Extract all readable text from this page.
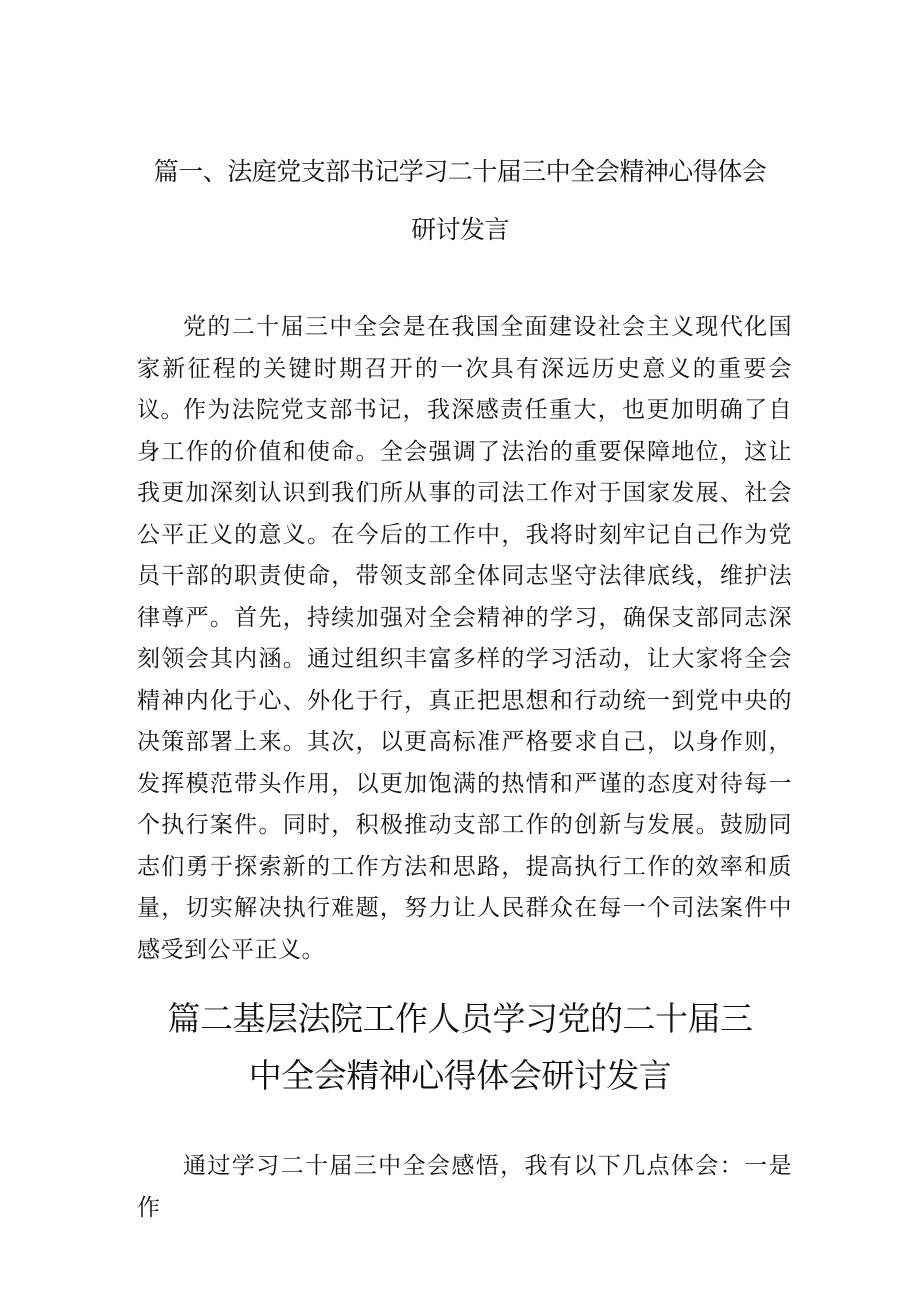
篇一、法庭党支部书记学习二十届三中全会精神心得体会
研讨发言

党的二十届三中全会是在我国全面建设社会主义现代化国家新征程的关键时期召开的一次具有深远历史意义的重要会议。 作为法院党支部书记，我深感责任重大，也更加明确了自身工作的价值和使命。全会强调了法治的重要保障地位，这让我更加深刻认识到我们所从事的司法工作对于国家发展、社会公平正义的意义。在今后的工作中，我将时刻牢记自己作为党员干部的职责使命，带领支部全体同志坚守法律底线，维护法律尊严。首先，持续加强对全会精神的学习，确保支部同志深刻领会其内涵。通过组织丰富多样的学习活动，让大家将全会精神内化于心、外化于行，真正把思想和行动统一到党中央的决策部署上来。其次，以更高标准严格要求自己，以身作则，发挥模范带头作用，以更加饱满的热情和严谨的态度对待每一个执行案件。同时，积极推动支部工作的创新与发展。鼓励同志们勇于探索新的工作方法和思路，提高执行工作的效率和质量，切实解决执行难题，努力让人民群众在每一个司法案件中感受到公平正义。

篇二基层法院工作人员学习党的二十届三
中全会精神心得体会研讨发言

通过学习二十届三中全会感悟，我有以下几点体会：一是作
